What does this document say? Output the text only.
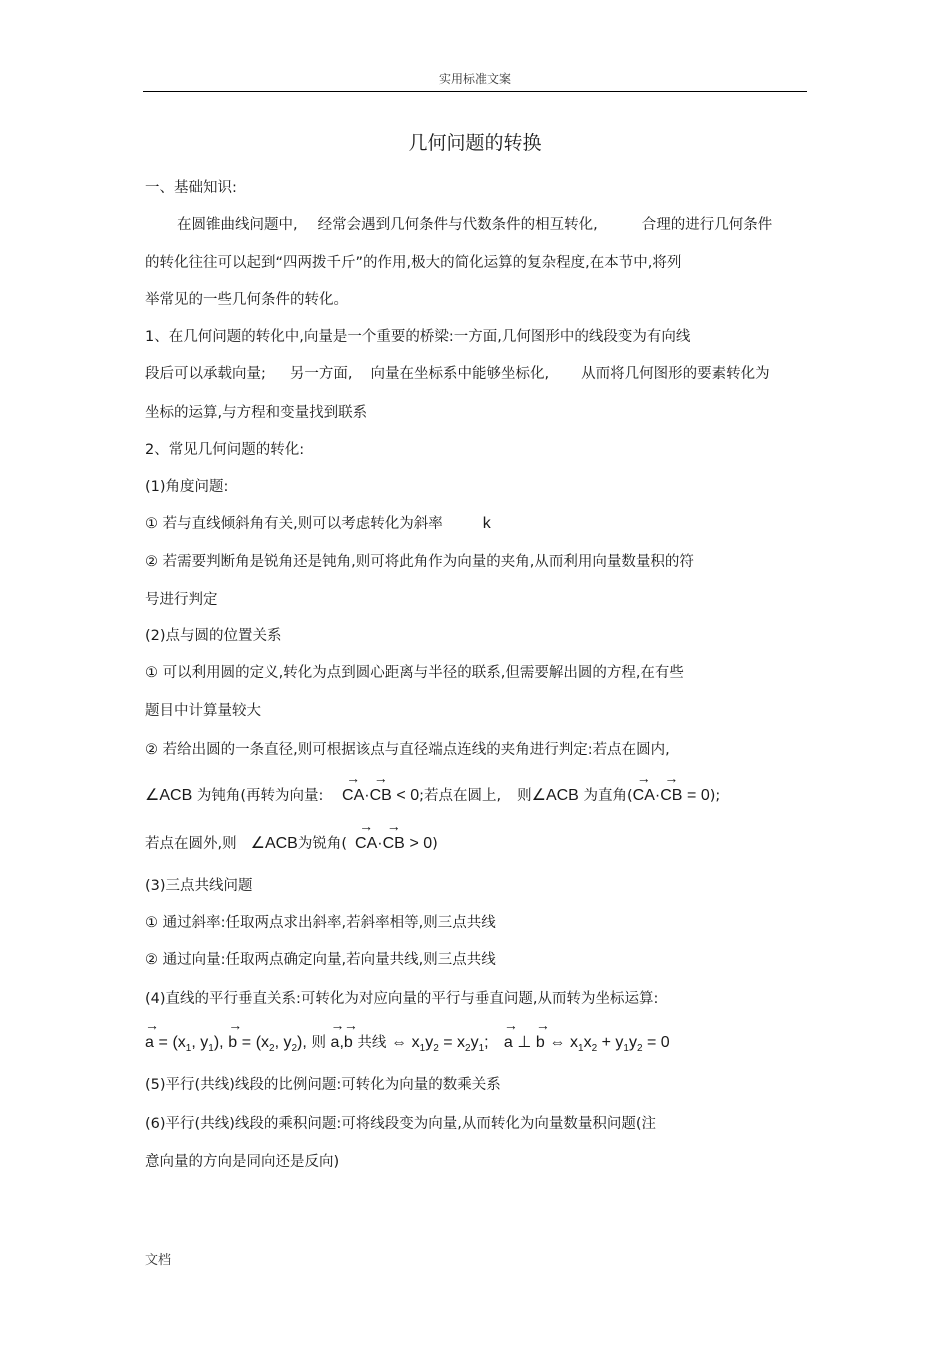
实用标准文案
几何问题的转换
一、基础知识:
在圆锥曲线问题中, 经常会遇到几何条件与代数条件的相互转化,	合理的进行几何条件
的转化往往可以起到“四两拨千斤”的作用,极大的简化运算的复杂程度,在本节中,将列
举常见的一些几何条件的转化。
1、在几何问题的转化中,向量是一个重要的桥梁:一方面,几何图形中的线段变为有向线
段后可以承载向量; 另一方面, 向量在坐标系中能够坐标化, 从而将几何图形的要素转化为
坐标的运算,与方程和变量找到联系
2、常见几何问题的转化:
(1)角度问题:
① 若与直线倾斜角有关,则可以考虑转化为斜率	k
② 若需要判断角是锐角还是钝角,则可将此角作为向量的夹角,从而利用向量数量积的符
号进行判定
(2)点与圆的位置关系
① 可以利用圆的定义,转化为点到圆心距离与半径的联系,但需要解出圆的方程,在有些
题目中计算量较大
② 若给出圆的一条直径,则可根据该点与直径端点连线的夹角进行判定:若点在圆内,
∠ACB 为钝角(再转为向量:
→
CA·
→
CB < 0;若点在圆上, 则∠ACB 为直角(
→
CA·
→
CB = 0);
若点在圆外,则 ∠ACB为锐角(
→
CA·
→
CB > 0)
(3)三点共线问题
① 通过斜率:任取两点求出斜率,若斜率相等,则三点共线
② 通过向量:任取两点确定向量,若向量共线,则三点共线
(4)直线的平行垂直关系:可转化为对应向量的平行与垂直问题,从而转为坐标运算:
→
$a = (x_1$, $y_1$),
→
$b = (x_2$, $y_2$), 则
→
a,
→
b 共线 ⇔ $x_1y_2 = x_2y_1$;
→
a ⊥
→
b ⇔ $x_1x_2 + y_1y_2 = 0$
(5)平行(共线)线段的比例问题:可转化为向量的数乘关系
(6)平行(共线)线段的乘积问题:可将线段变为向量,从而转化为向量数量积问题(注
意向量的方向是同向还是反向)
文档
